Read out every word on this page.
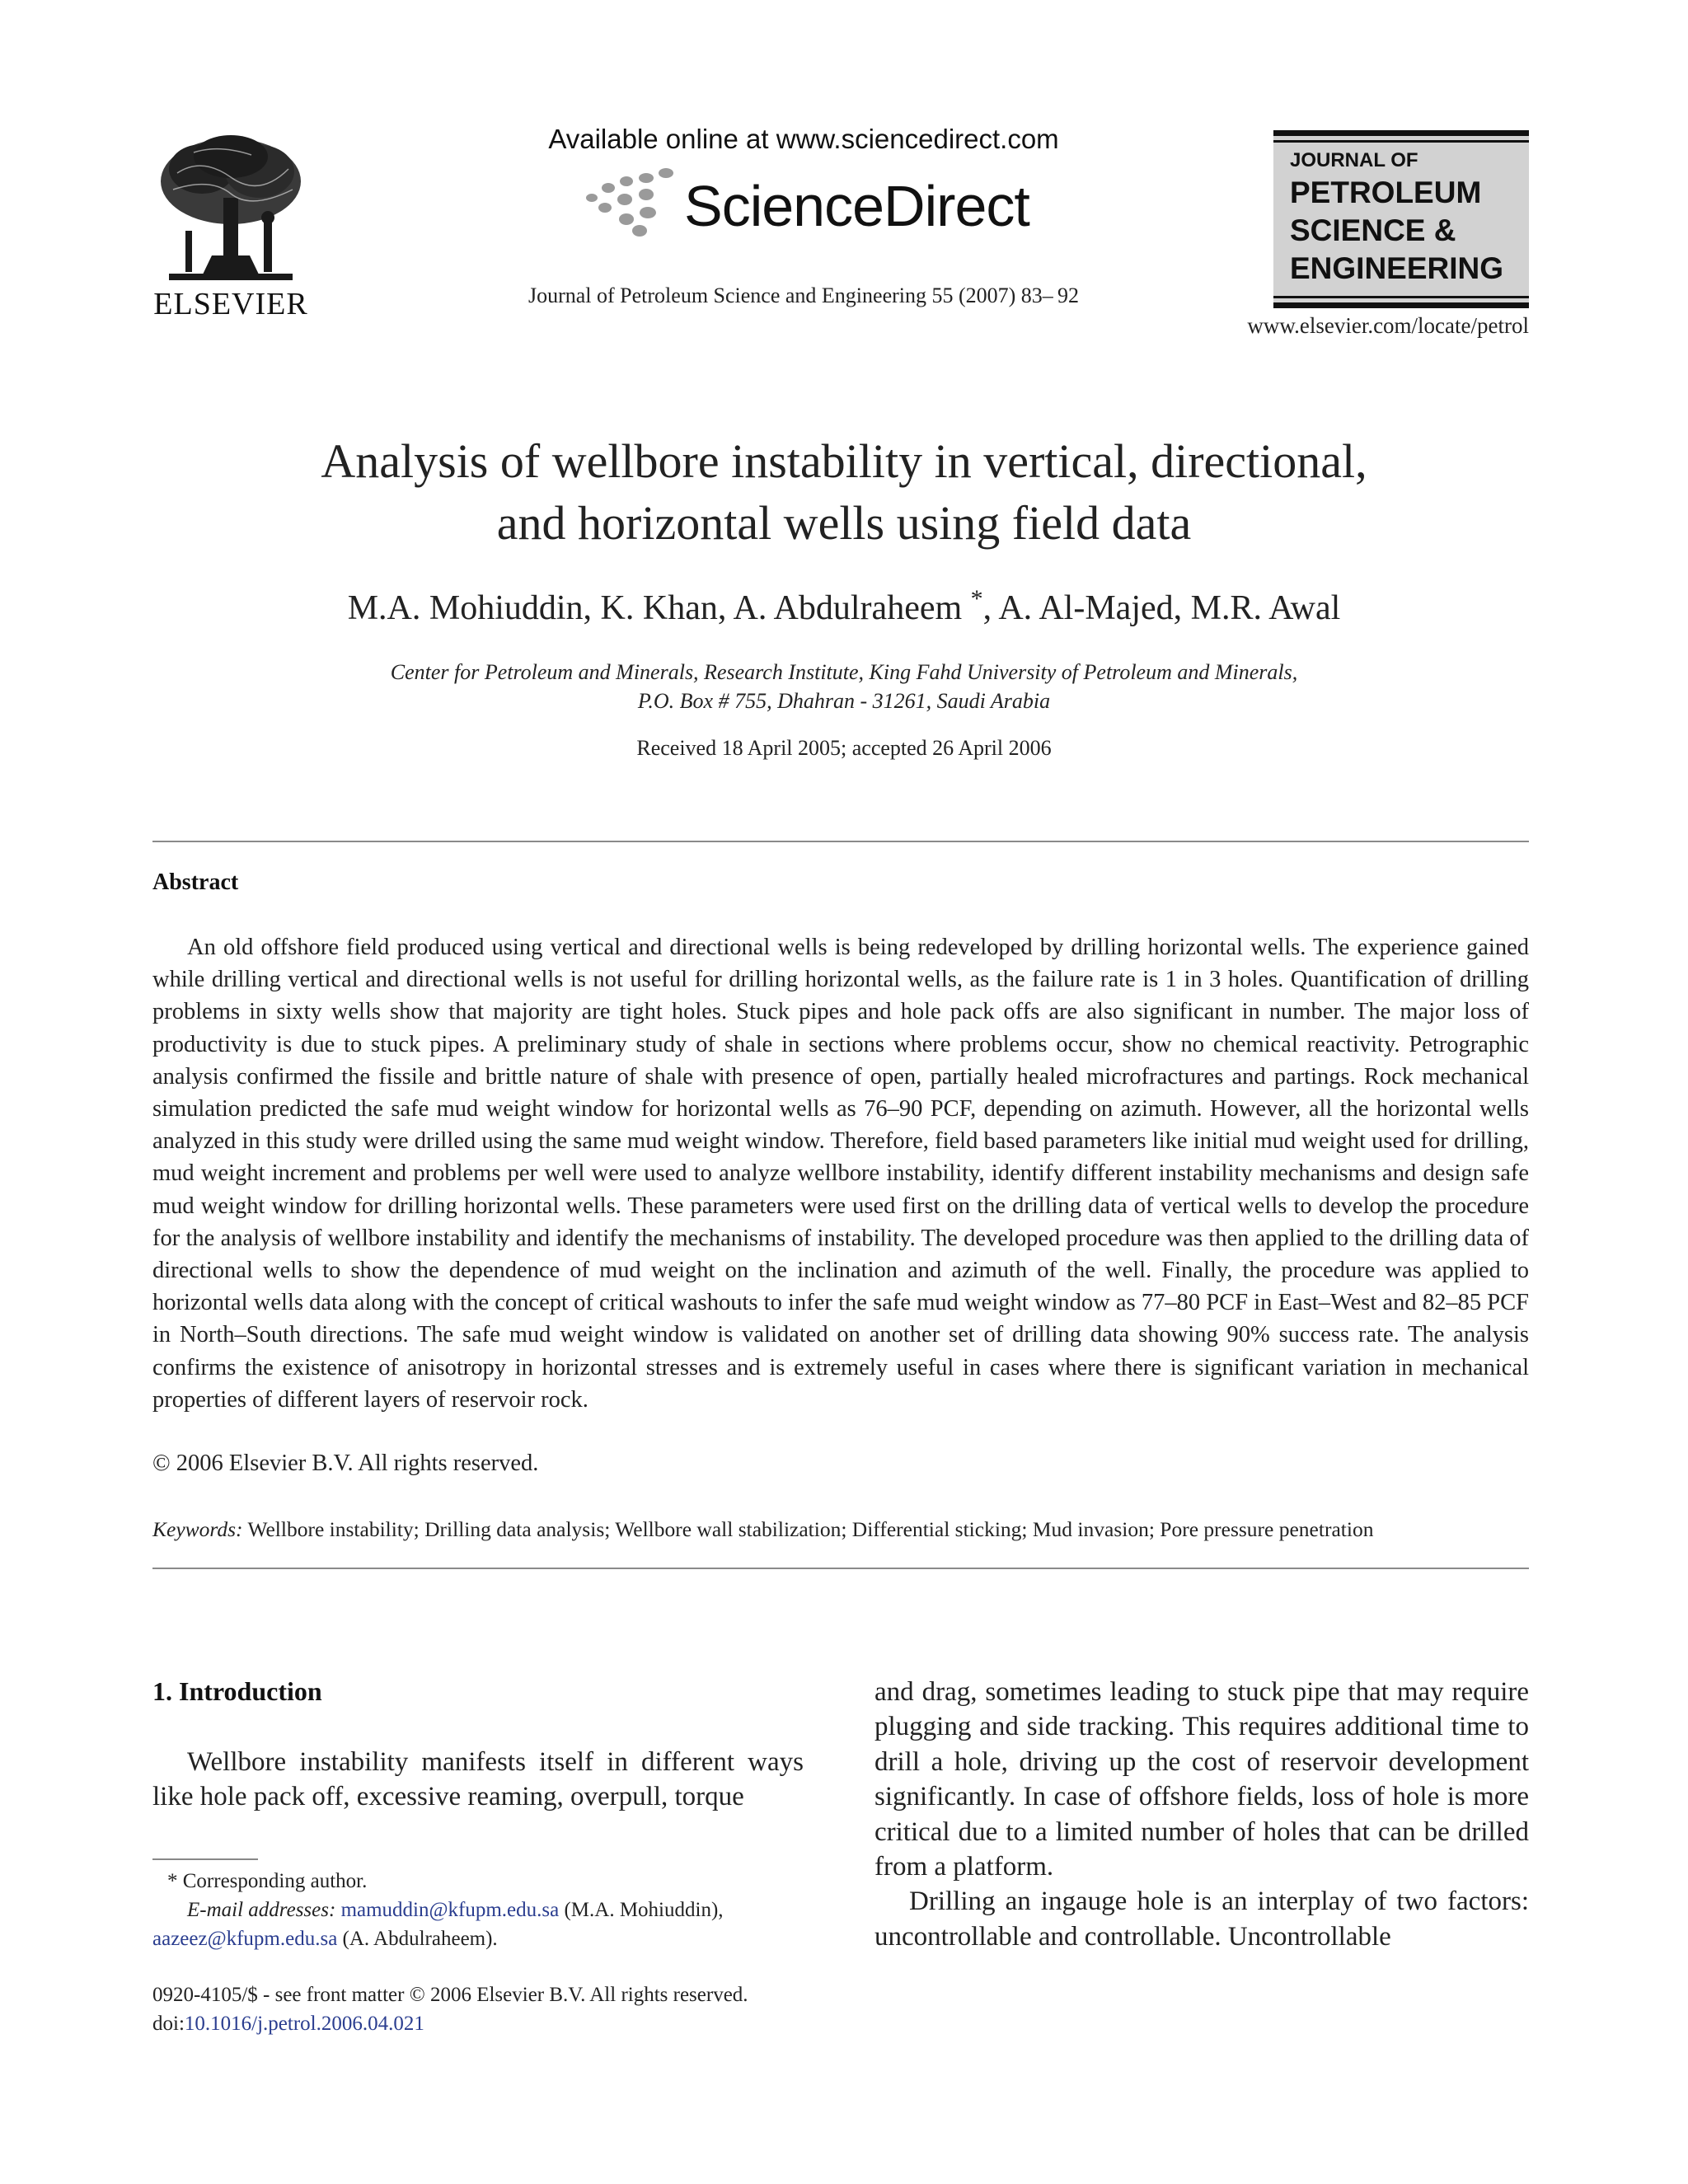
ELSEVIER
Available online at www.sciencedirect.com
ScienceDirect
Journal of Petroleum Science and Engineering 55 (2007) 83– 92
JOURNAL OF
PETROLEUM
SCIENCE &
ENGINEERING
www.elsevier.com/locate/petrol
Analysis of wellbore instability in vertical, directional,
and horizontal wells using field data
M.A. Mohiuddin, K. Khan, A. Abdulraheem *, A. Al-Majed, M.R. Awal
Center for Petroleum and Minerals, Research Institute, King Fahd University of Petroleum and Minerals,
P.O. Box # 755, Dhahran - 31261, Saudi Arabia
Received 18 April 2005; accepted 26 April 2006
Abstract

An old offshore field produced using vertical and directional wells is being redeveloped by drilling horizontal wells. The experience gained while drilling vertical and directional wells is not useful for drilling horizontal wells, as the failure rate is 1 in 3 holes. Quantification of drilling problems in sixty wells show that majority are tight holes. Stuck pipes and hole pack offs are also significant in number. The major loss of productivity is due to stuck pipes. A preliminary study of shale in sections where problems occur, show no chemical reactivity. Petrographic analysis confirmed the fissile and brittle nature of shale with presence of open, partially healed microfractures and partings. Rock mechanical simulation predicted the safe mud weight window for horizontal wells as 76–90 PCF, depending on azimuth. However, all the horizontal wells analyzed in this study were drilled using the same mud weight window. Therefore, field based parameters like initial mud weight used for drilling, mud weight increment and problems per well were used to analyze wellbore instability, identify different instability mechanisms and design safe mud weight window for drilling horizontal wells. These parameters were used first on the drilling data of vertical wells to develop the procedure for the analysis of wellbore instability and identify the mechanisms of instability. The developed procedure was then applied to the drilling data of directional wells to show the dependence of mud weight on the inclination and azimuth of the well. Finally, the procedure was applied to horizontal wells data along with the concept of critical washouts to infer the safe mud weight window as 77–80 PCF in East–West and 82–85 PCF in North–South directions. The safe mud weight window is validated on another set of drilling data showing 90% success rate. The analysis confirms the existence of anisotropy in horizontal stresses and is extremely useful in cases where there is significant variation in mechanical properties of different layers of reservoir rock.

© 2006 Elsevier B.V. All rights reserved.
Keywords: Wellbore instability; Drilling data analysis; Wellbore wall stabilization; Differential sticking; Mud invasion; Pore pressure penetration
1. Introduction

Wellbore instability manifests itself in different ways like hole pack off, excessive reaming, overpull, torque

and drag, sometimes leading to stuck pipe that may require plugging and side tracking. This requires additional time to drill a hole, driving up the cost of reservoir development significantly. In case of offshore fields, loss of hole is more critical due to a limited number of holes that can be drilled from a platform.

Drilling an ingauge hole is an interplay of two factors: uncontrollable and controllable. Uncontrollable

* Corresponding author.
E-mail addresses: mamuddin@kfupm.edu.sa (M.A. Mohiuddin),
aazeez@kfupm.edu.sa (A. Abdulraheem).
0920-4105/$ - see front matter © 2006 Elsevier B.V. All rights reserved.
doi:10.1016/j.petrol.2006.04.021
